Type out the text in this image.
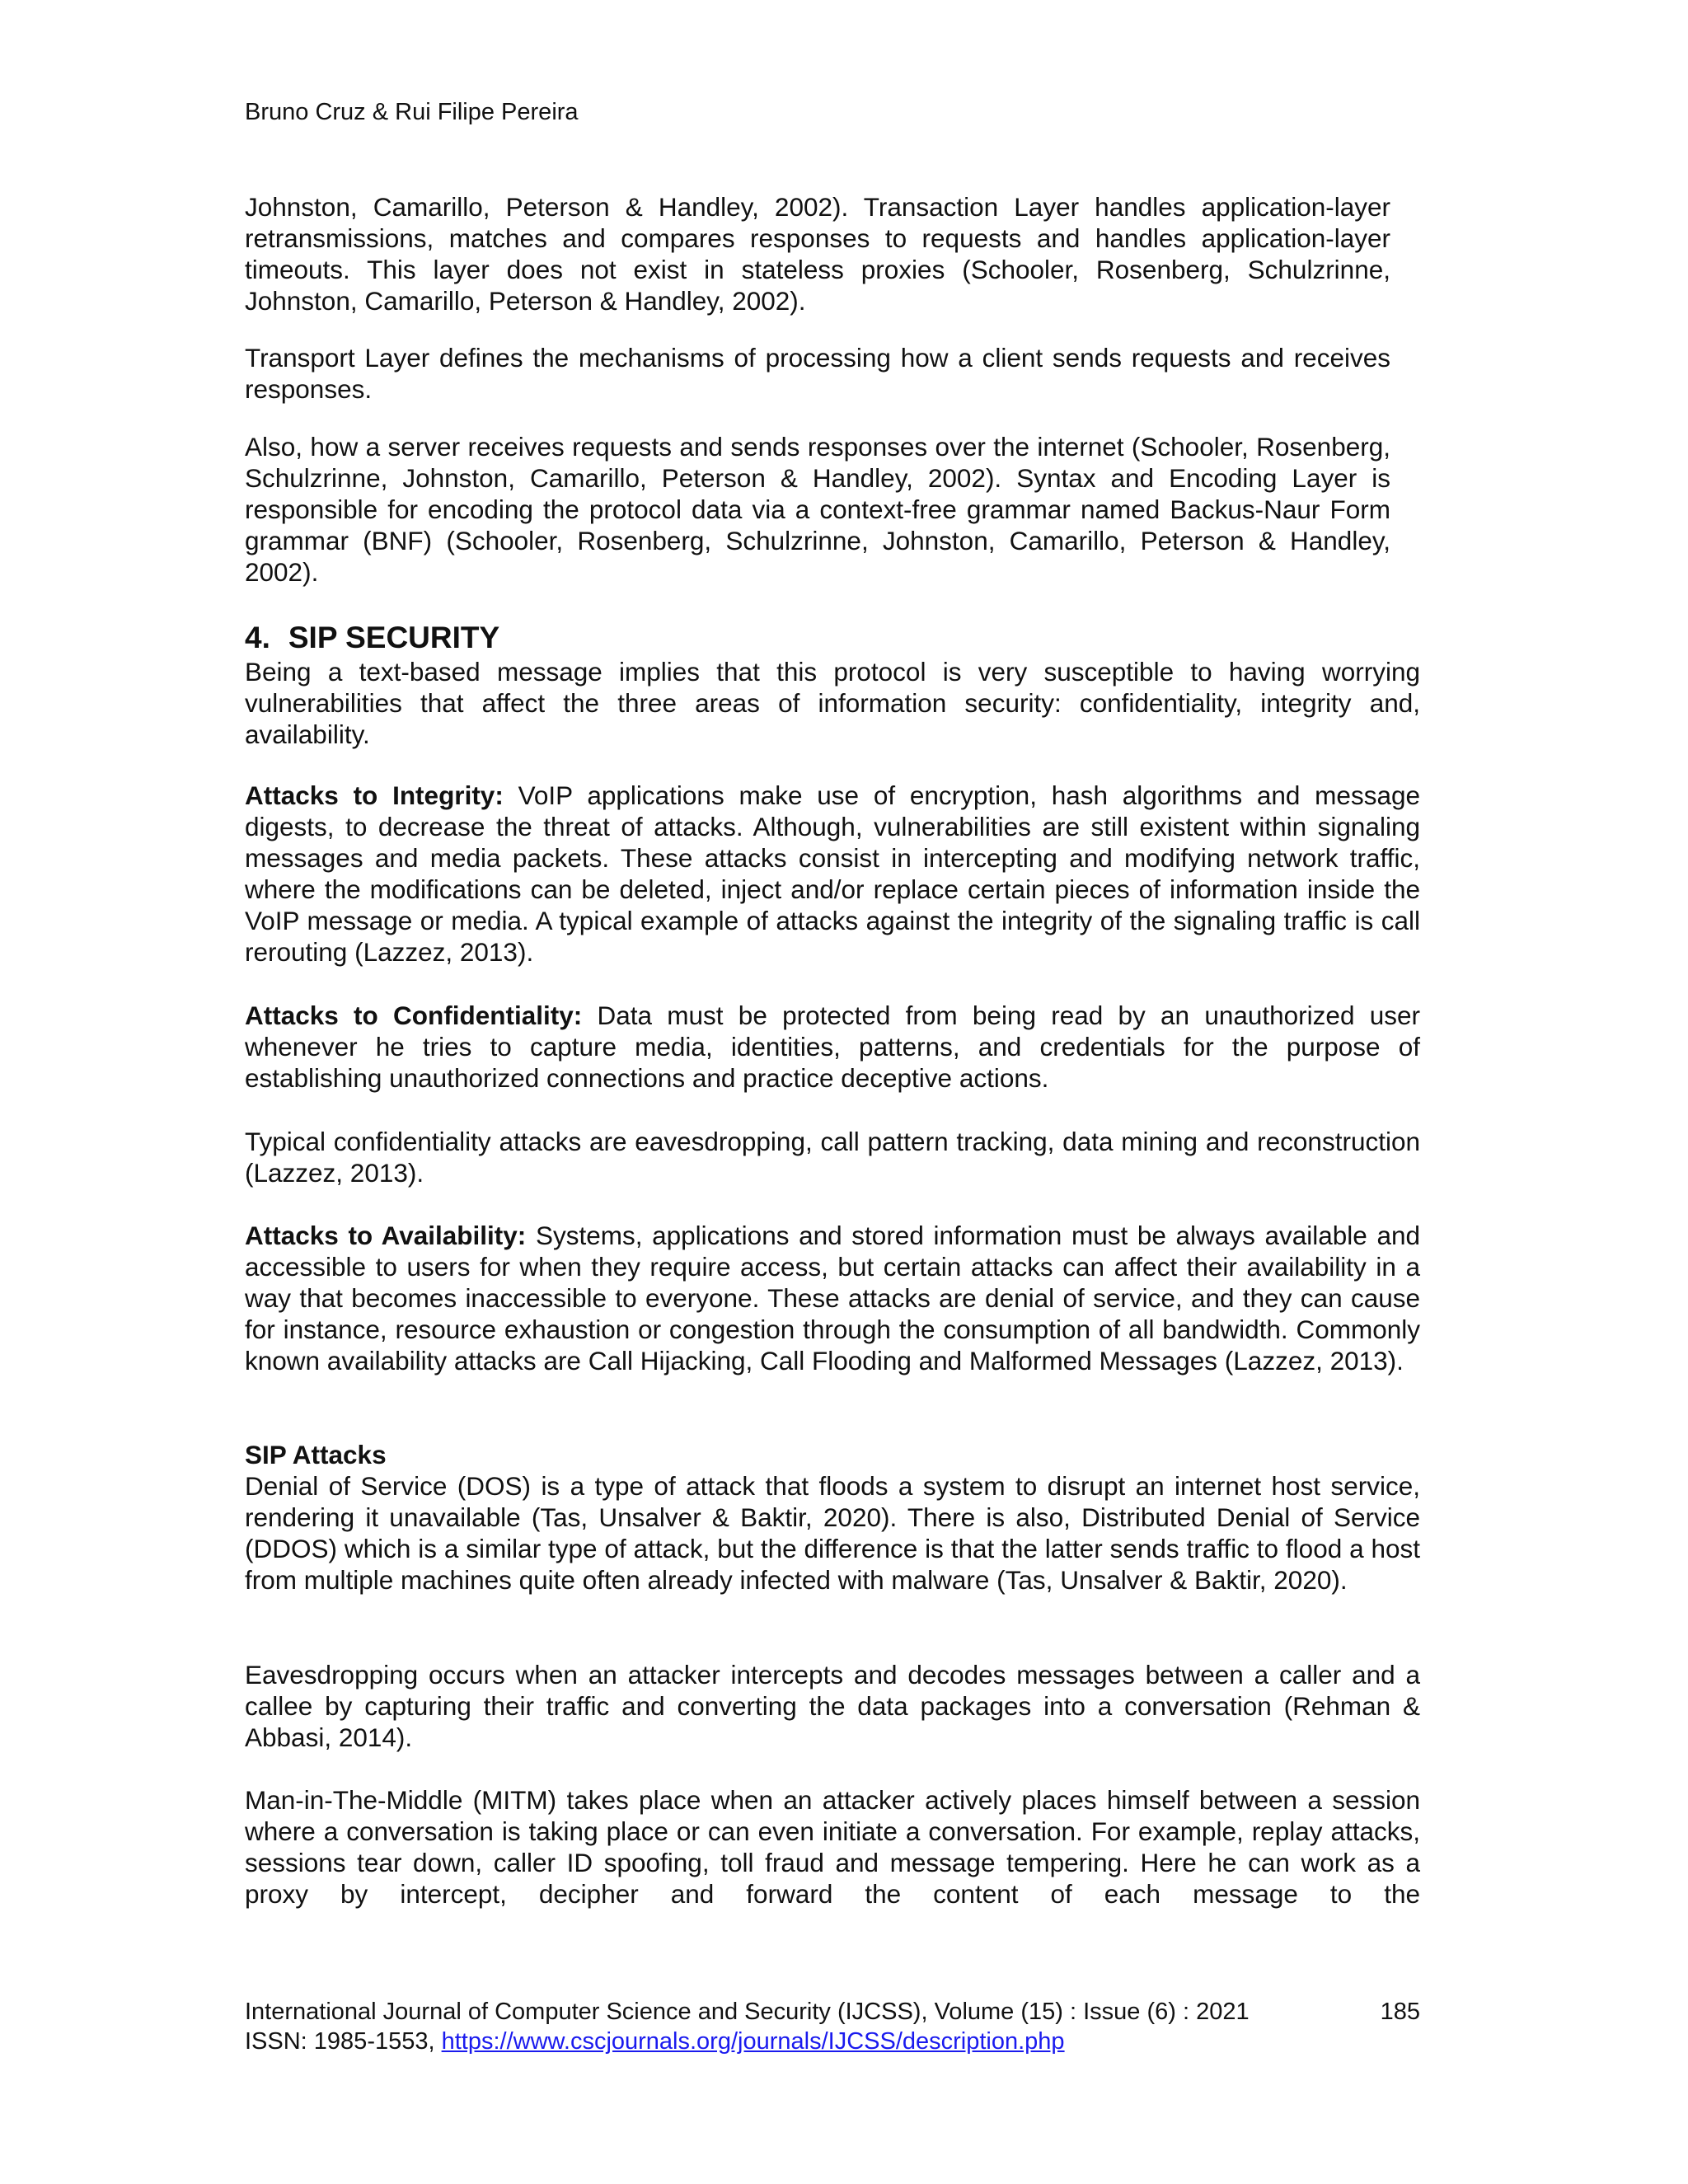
Bruno Cruz & Rui Filipe Pereira

Johnston, Camarillo, Peterson & Handley, 2002). Transaction Layer handles application-layer retransmissions, matches and compares responses to requests and handles application-layer timeouts. This layer does not exist in stateless proxies (Schooler, Rosenberg, Schulzrinne, Johnston, Camarillo, Peterson & Handley, 2002).

Transport Layer defines the mechanisms of processing how a client sends requests and receives responses.

Also, how a server receives requests and sends responses over the internet (Schooler, Rosenberg, Schulzrinne, Johnston, Camarillo, Peterson & Handley, 2002). Syntax and Encoding Layer is responsible for encoding the protocol data via a context-free grammar named Backus-Naur Form grammar (BNF) (Schooler, Rosenberg, Schulzrinne, Johnston, Camarillo, Peterson & Handley, 2002).

4. SIP SECURITY

Being a text-based message implies that this protocol is very susceptible to having worrying vulnerabilities that affect the three areas of information security: confidentiality, integrity and, availability.

Attacks to Integrity: VoIP applications make use of encryption, hash algorithms and message digests, to decrease the threat of attacks. Although, vulnerabilities are still existent within signaling messages and media packets. These attacks consist in intercepting and modifying network traffic, where the modifications can be deleted, inject and/or replace certain pieces of information inside the VoIP message or media. A typical example of attacks against the integrity of the signaling traffic is call rerouting (Lazzez, 2013).

Attacks to Confidentiality: Data must be protected from being read by an unauthorized user whenever he tries to capture media, identities, patterns, and credentials for the purpose of establishing unauthorized connections and practice deceptive actions.

Typical confidentiality attacks are eavesdropping, call pattern tracking, data mining and reconstruction (Lazzez, 2013).

Attacks to Availability: Systems, applications and stored information must be always available and accessible to users for when they require access, but certain attacks can affect their availability in a way that becomes inaccessible to everyone. These attacks are denial of service, and they can cause for instance, resource exhaustion or congestion through the consumption of all bandwidth. Commonly known availability attacks are Call Hijacking, Call Flooding and Malformed Messages (Lazzez, 2013).

SIP Attacks
Denial of Service (DOS) is a type of attack that floods a system to disrupt an internet host service, rendering it unavailable (Tas, Unsalver & Baktir, 2020). There is also, Distributed Denial of Service (DDOS) which is a similar type of attack, but the difference is that the latter sends traffic to flood a host from multiple machines quite often already infected with malware (Tas, Unsalver & Baktir, 2020).

Eavesdropping occurs when an attacker intercepts and decodes messages between a caller and a callee by capturing their traffic and converting the data packages into a conversation (Rehman & Abbasi, 2014).

Man-in-The-Middle (MITM) takes place when an attacker actively places himself between a session where a conversation is taking place or can even initiate a conversation. For example, replay attacks, sessions tear down, caller ID spoofing, toll fraud and message tempering. Here he can work as a proxy by intercept, decipher and forward the content of each message to the

International Journal of Computer Science and Security (IJCSS), Volume (15) : Issue (6) : 2021	185
ISSN: 1985-1553, https://www.cscjournals.org/journals/IJCSS/description.php
